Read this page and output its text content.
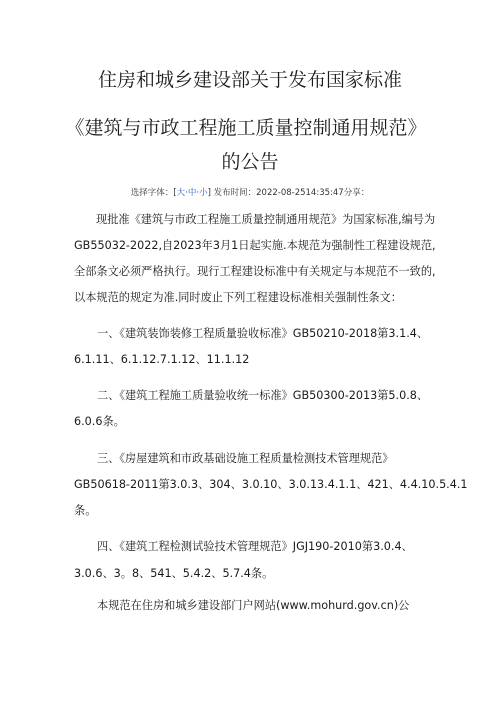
住房和城乡建设部关于发布国家标准
《建筑与市政工程施工质量控制通用规范》
的公告
选择字体：[大·中·小] 发布时间：2022-08-2514:35:47分享：
现批准《建筑与市政工程施工质量控制通用规范》为国家标准,编号为
GB55032-2022,自2023年3月1日起实施.本规范为强制性工程建设规范,
全部条文必须严格执行。现行工程建设标准中有关规定与本规范不一致的,
以本规范的规定为准.同时废止下列工程建设标准相关强制性条文：
一、《建筑装饰装修工程质量验收标准》GB50210-2018第3.1.4、
6.1.11、6.1.12.7.1.12、11.1.12
二、《建筑工程施工质量验收统一标准》GB50300-2013第5.0.8、
6.0.6条。
三、《房屋建筑和市政基础设施工程质量检测技术管理规范》
GB50618-2011第3.0.3、304、3.0.10、3.0.13.4.1.1、421、4.4.10.5.4.1
条。
四、《建筑工程检测试验技术管理规范》JGJ190-2010第3.0.4、
3.0.6、3。8、541、5.4.2、5.7.4条。
本规范在住房和城乡建设部门户网站(www.mohurd.gov.cn)公
